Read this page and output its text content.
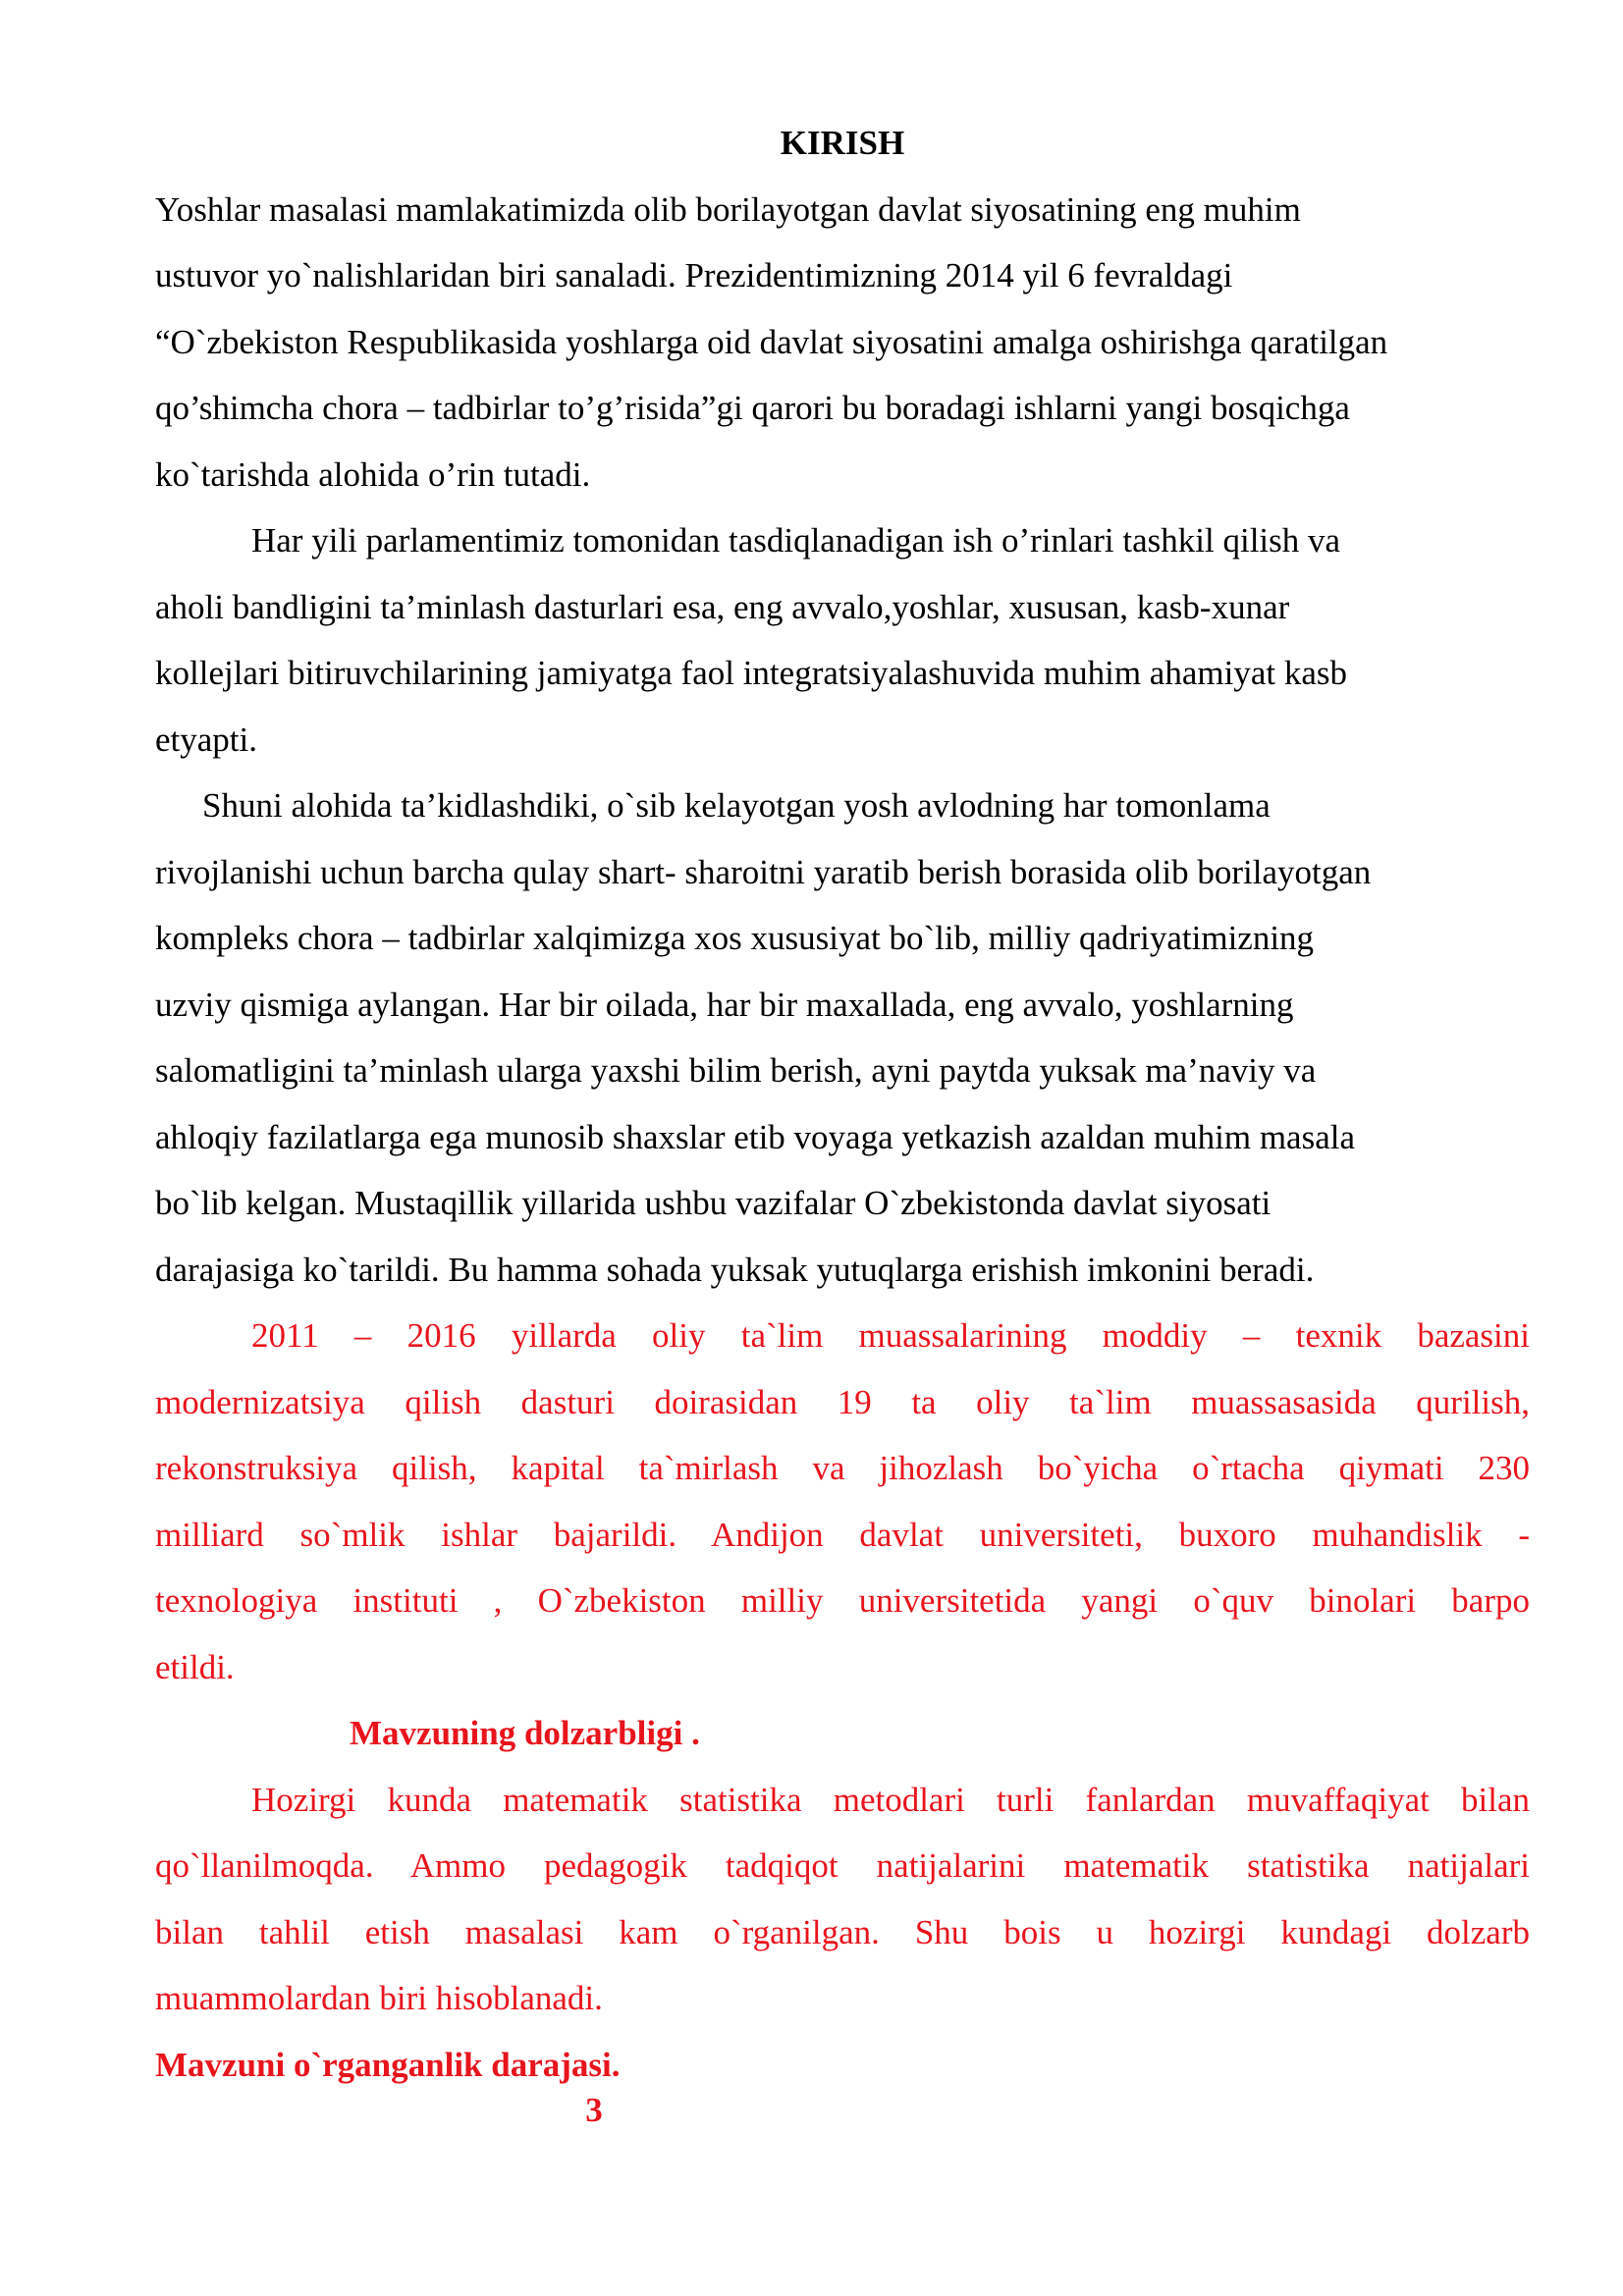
KIRISH
Yoshlar masalasi mamlakatimizda olib borilayotgan davlat siyosatining eng muhim
ustuvor yo`nalishlaridan biri sanaladi. Prezidentimizning 2014 yil 6 fevraldagi
“O`zbekiston Respublikasida yoshlarga oid davlat siyosatini amalga oshirishga qaratilgan
qo’shimcha chora – tadbirlar to’g’risida”gi qarori bu boradagi ishlarni yangi bosqichga
ko`tarishda alohida o’rin tutadi.
Har yili parlamentimiz tomonidan tasdiqlanadigan ish o’rinlari tashkil qilish va
aholi bandligini ta’minlash dasturlari esa, eng avvalo,yoshlar, xususan, kasb-xunar
kollejlari bitiruvchilarining jamiyatga faol integratsiyalashuvida muhim ahamiyat kasb
etyapti.
Shuni alohida ta’kidlashdiki, o`sib kelayotgan yosh avlodning har tomonlama
rivojlanishi uchun barcha qulay shart- sharoitni yaratib berish borasida olib borilayotgan
kompleks chora – tadbirlar xalqimizga xos xususiyat bo`lib, milliy qadriyatimizning
uzviy qismiga aylangan. Har bir oilada, har bir maxallada, eng avvalo, yoshlarning
salomatligini ta’minlash ularga yaxshi bilim berish, ayni paytda yuksak ma’naviy va
ahloqiy fazilatlarga ega munosib shaxslar etib voyaga yetkazish azaldan muhim masala
bo`lib kelgan. Mustaqillik yillarida ushbu vazifalar O`zbekistonda davlat siyosati
darajasiga ko`tarildi. Bu hamma sohada yuksak yutuqlarga erishish imkonini beradi.
2011 – 2016 yillarda oliy ta`lim muassalarining moddiy – texnik bazasini
modernizatsiya qilish dasturi doirasidan 19 ta oliy ta`lim muassasasida qurilish,
rekonstruksiya qilish, kapital ta`mirlash va jihozlash bo`yicha o`rtacha qiymati 230
milliard so`mlik ishlar bajarildi. Andijon davlat universiteti, buxoro muhandislik -
texnologiya instituti , O`zbekiston milliy universitetida yangi o`quv binolari barpo
etildi.
Mavzuning dolzarbligi .
Hozirgi kunda matematik statistika metodlari turli fanlardan muvaffaqiyat bilan
qo`llanilmoqda. Ammo pedagogik tadqiqot natijalarini matematik statistika natijalari
bilan tahlil etish masalasi kam o`rganilgan. Shu bois u hozirgi kundagi dolzarb
muammolardan biri hisoblanadi.
Mavzuni o`rganganlik darajasi.
3
